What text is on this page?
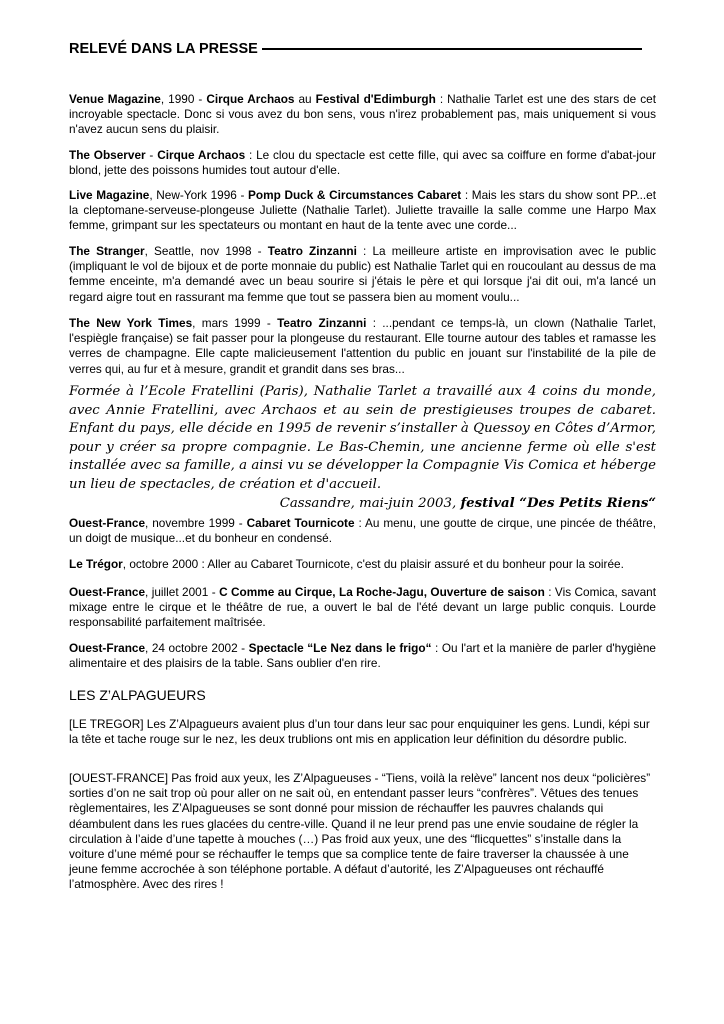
RELEVÉ DANS LA PRESSE
Venue Magazine, 1990 - Cirque Archaos au Festival d'Edimburgh : Nathalie Tarlet est une des stars de cet incroyable spectacle. Donc si vous avez du bon sens, vous n'irez probablement pas, mais uniquement si vous n'avez aucun sens du plaisir.
The Observer - Cirque Archaos : Le clou du spectacle est cette fille, qui avec sa coiffure en forme d'abat-jour blond, jette des poissons humides tout autour d'elle.
Live Magazine, New-York 1996 - Pomp Duck & Circumstances Cabaret : Mais les stars du show sont PP...et la cleptomane-serveuse-plongeuse Juliette (Nathalie Tarlet). Juliette travaille la salle comme une Harpo Max femme, grimpant sur les spectateurs ou montant en haut de la tente avec une corde...
The Stranger, Seattle, nov 1998 - Teatro Zinzanni : La meilleure artiste en improvisation avec le public (impliquant le vol de bijoux et de porte monnaie du public) est Nathalie Tarlet qui en roucoulant au dessus de ma femme enceinte, m'a demandé avec un beau sourire si j'étais le père et qui lorsque j'ai dit oui, m'a lancé un regard aigre tout en rassurant ma femme que tout se passera bien au moment voulu...
The New York Times, mars 1999 - Teatro Zinzanni : ...pendant ce temps-là, un clown (Nathalie Tarlet, l'espiègle française) se fait passer pour la plongeuse du restaurant. Elle tourne autour des tables et ramasse les verres de champagne. Elle capte malicieusement l'attention du public en jouant sur l'instabilité de la pile de verres qui, au fur et à mesure, grandit et grandit dans ses bras...
Formée à l’Ecole Fratellini (Paris), Nathalie Tarlet a travaillé aux 4 coins du monde, avec Annie Fratellini, avec Archaos et au sein de prestigieuses troupes de cabaret. Enfant du pays, elle décide en 1995 de revenir s’installer à Quessoy en Côtes d’Armor, pour y créer sa propre compagnie. Le Bas-Chemin, une ancienne ferme où elle s'est installée avec sa famille, a ainsi vu se développer la Compagnie Vis Comica et héberge un lieu de spectacles, de création et d'accueil.
Cassandre, mai-juin 2003, festival “Des Petits Riens“
Ouest-France, novembre 1999 - Cabaret Tournicote : Au menu, une goutte de cirque, une pincée de théâtre, un doigt de musique...et du bonheur en condensé.
Le Trégor, octobre 2000 : Aller au Cabaret Tournicote, c'est du plaisir assuré et du bonheur pour la soirée.
Ouest-France, juillet 2001 - C Comme au Cirque, La Roche-Jagu, Ouverture de saison : Vis Comica, savant mixage entre le cirque et le théâtre de rue, a ouvert le bal de l'été devant un large public conquis. Lourde responsabilité parfaitement maîtrisée.
Ouest-France, 24 octobre 2002 - Spectacle “Le Nez dans le frigo“ : Ou l'art et la manière de parler d'hygiène alimentaire et des plaisirs de la table. Sans oublier d'en rire.
LES Z’ALPAGUEURS
[LE TREGOR] Les Z’Alpagueurs avaient plus d’un tour dans leur sac pour enquiquiner les gens. Lundi, képi sur la tête et tache rouge sur le nez, les deux trublions ont mis en application leur définition du désordre public.
[OUEST-FRANCE] Pas froid aux yeux, les Z’Alpagueuses - “Tiens, voilà la relève” lancent nos deux “policières” sorties d’on ne sait trop où pour aller on ne sait où, en entendant passer leurs “confrères”. Vêtues des tenues règlementaires, les Z’Alpagueuses se sont donné pour mission de réchauffer les pauvres chalands qui déambulent dans les rues glacées du centre-ville. Quand il ne leur prend pas une envie soudaine de régler la circulation à l’aide d’une tapette à mouches (…) Pas froid aux yeux, une des “flicquettes” s’installe dans la voiture d’une mémé pour se réchauffer le temps que sa complice tente de faire traverser la chaussée à une jeune femme accrochée à son téléphone portable. A défaut d’autorité, les Z’Alpagueuses ont réchauffé l’atmosphère. Avec des rires !
